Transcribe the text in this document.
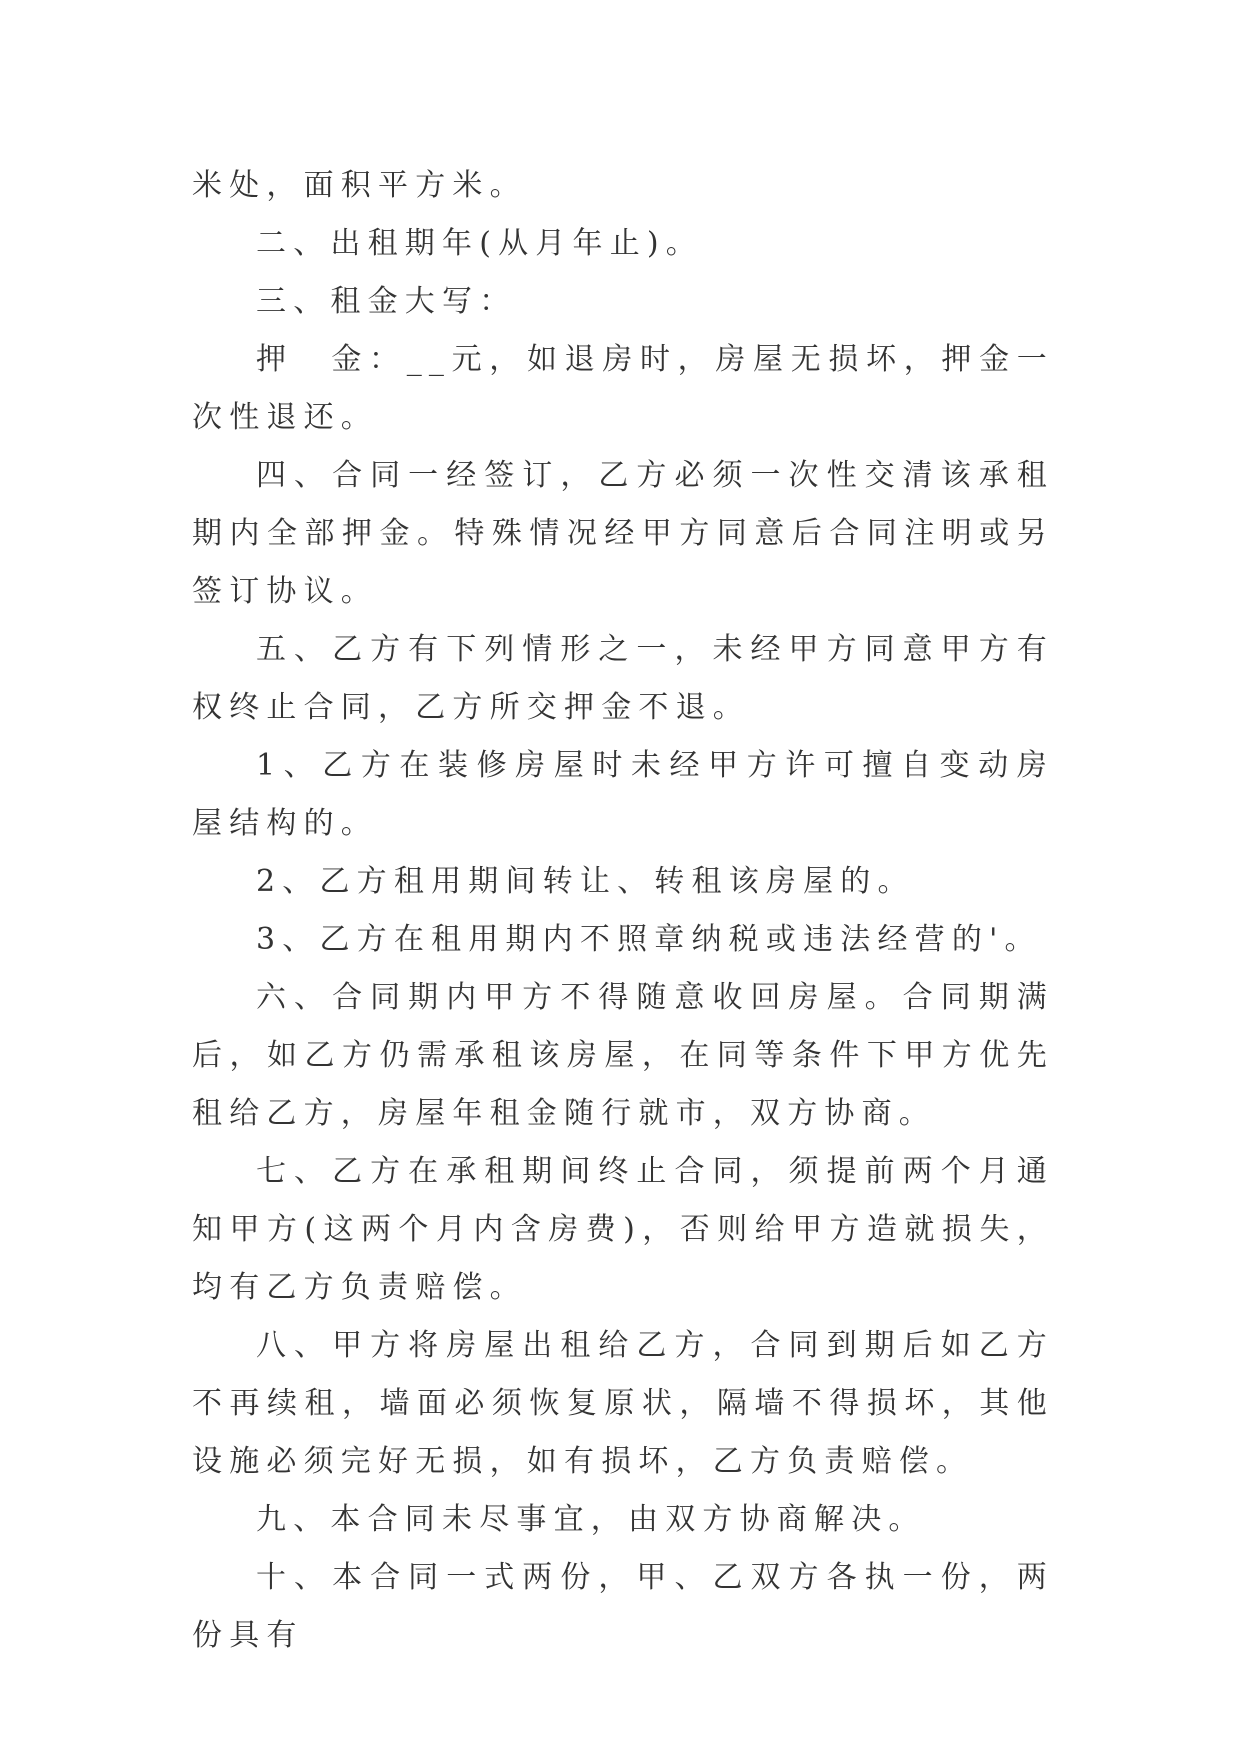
米处，面积平方米。

二、出租期年(从月年止)。

三、租金大写：

押　金：__元，如退房时，房屋无损坏，押金一次性退还。

四、合同一经签订，乙方必须一次性交清该承租期内全部押金。特殊情况经甲方同意后合同注明或另签订协议。

五、乙方有下列情形之一，未经甲方同意甲方有权终止合同，乙方所交押金不退。

1、乙方在装修房屋时未经甲方许可擅自变动房屋结构的。

2、乙方租用期间转让、转租该房屋的。

3、乙方在租用期内不照章纳税或违法经营的'。

六、合同期内甲方不得随意收回房屋。合同期满后，如乙方仍需承租该房屋，在同等条件下甲方优先租给乙方，房屋年租金随行就市，双方协商。

七、乙方在承租期间终止合同，须提前两个月通知甲方(这两个月内含房费)，否则给甲方造就损失，均有乙方负责赔偿。

八、甲方将房屋出租给乙方，合同到期后如乙方不再续租，墙面必须恢复原状，隔墙不得损坏，其他设施必须完好无损，如有损坏，乙方负责赔偿。

九、本合同未尽事宜，由双方协商解决。

十、本合同一式两份，甲、乙双方各执一份，两份具有
